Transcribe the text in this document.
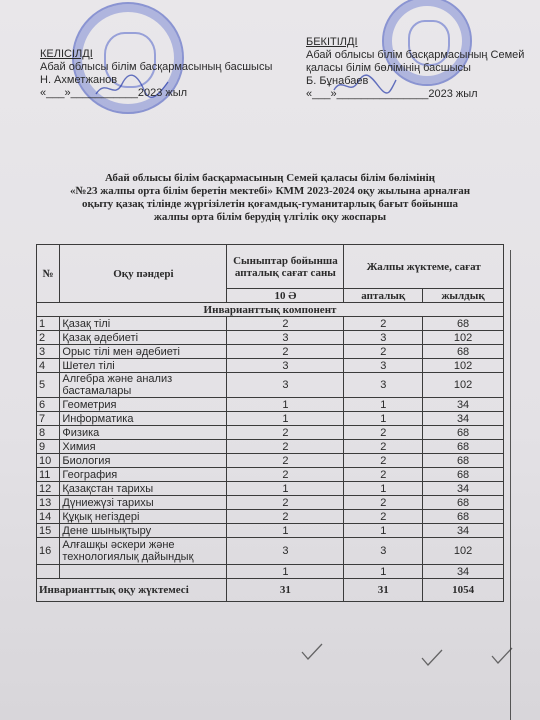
КЕЛІСІЛДІ
Абай облысы білім басқармасының басшысы
Н. Ахметжанов
«___»___________2023 жыл
БЕКІТІЛДІ
Абай облысы білім басқармасының Семей қаласы білім бөлімінің басшысы
Б. Бұнабаев
«___»_______________2023 жыл
Абай облысы білім басқармасының Семей қаласы білім бөлімінің
«№23 жалпы орта білім беретін мектебі» КММ 2023-2024 оқу жылына арналған
оқыту қазақ тілінде жүргізілетін қоғамдық-гуманитарлық бағыт бойынша
жалпы орта білім берудің үлгілік оқу жоспары
№	Оқу пәндері	Сыныптар бойынша апталық сағат саны	Жалпы жүктеме, сағат	
		10 Ә	апталық	жылдық
Инварианттық компонент				
1	Қазақ тілі	2	2	68
2	Қазақ әдебиеті	3	3	102
3	Орыс тілі мен әдебиеті	2	2	68
4	Шетел тілі	3	3	102
5	Алгебра және анализ бастамалары	3	3	102
6	Геометрия	1	1	34
7	Информатика	1	1	34
8	Физика	2	2	68
9	Химия	2	2	68
10	Биология	2	2	68
11	География	2	2	68
12	Қазақстан тарихы	1	1	34
13	Дүниежүзі тарихы	2	2	68
14	Құқық негіздері	2	2	68
15	Дене шынықтыру	1	1	34
16	Алғашқы әскери және технологиялық дайындық	3	3	102
		1	1	34
Инварианттық оқу жүктемесі		31	31	1054
